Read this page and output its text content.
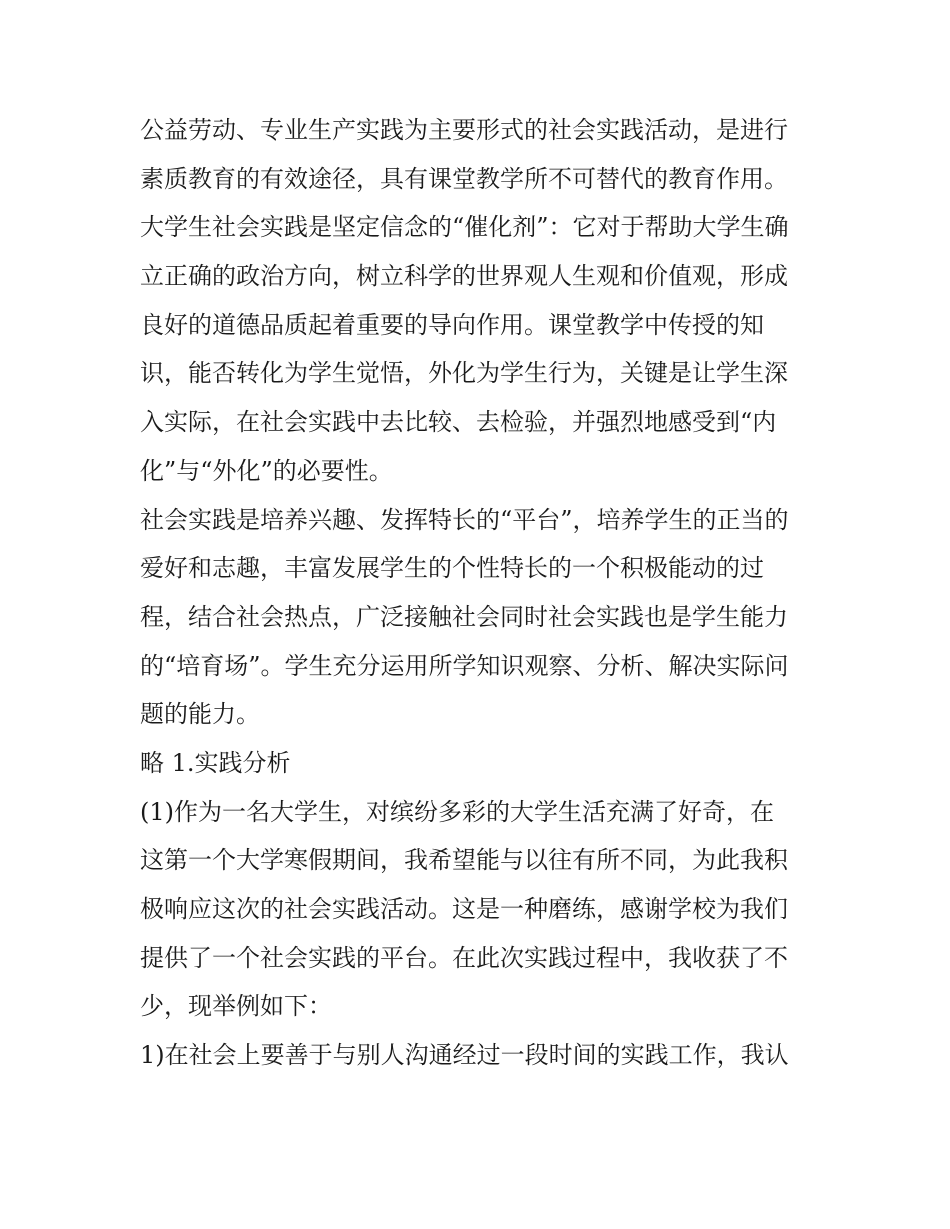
公益劳动、专业生产实践为主要形式的社会实践活动，是进行
素质教育的有效途径，具有课堂教学所不可替代的教育作用。
大学生社会实践是坚定信念的“催化剂”：它对于帮助大学生确
立正确的政治方向，树立科学的世界观人生观和价值观，形成
良好的道德品质起着重要的导向作用。课堂教学中传授的知
识，能否转化为学生觉悟，外化为学生行为，关键是让学生深
入实际，在社会实践中去比较、去检验，并强烈地感受到“内
化”与“外化”的必要性。
社会实践是培养兴趣、发挥特长的“平台”，培养学生的正当的
爱好和志趣，丰富发展学生的个性特长的一个积极能动的过
程，结合社会热点，广泛接触社会同时社会实践也是学生能力
的“培育场”。学生充分运用所学知识观察、分析、解决实际问
题的能力。
略 1.实践分析
(1)作为一名大学生，对缤纷多彩的大学生活充满了好奇，在
这第一个大学寒假期间，我希望能与以往有所不同，为此我积
极响应这次的社会实践活动。这是一种磨练，感谢学校为我们
提供了一个社会实践的平台。在此次实践过程中，我收获了不
少，现举例如下：
1)在社会上要善于与别人沟通经过一段时间的实践工作，我认
